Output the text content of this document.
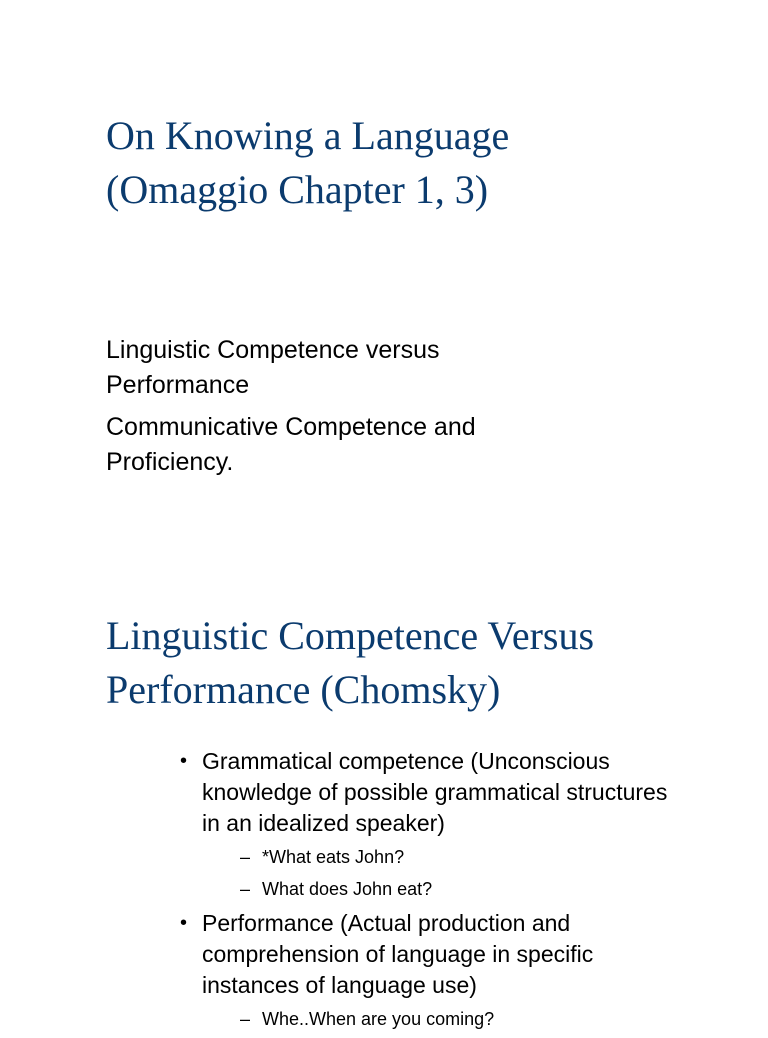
On Knowing a Language
(Omaggio Chapter 1, 3)
Linguistic Competence versus
Performance
Communicative Competence and
Proficiency.
Linguistic Competence Versus
Performance (Chomsky)
• Grammatical competence (Unconscious
knowledge of possible grammatical structures
in an idealized speaker)
– *What eats John?
– What does John eat?
• Performance (Actual production and
comprehension of language in specific
instances of language use)
– Whe..When are you coming?
